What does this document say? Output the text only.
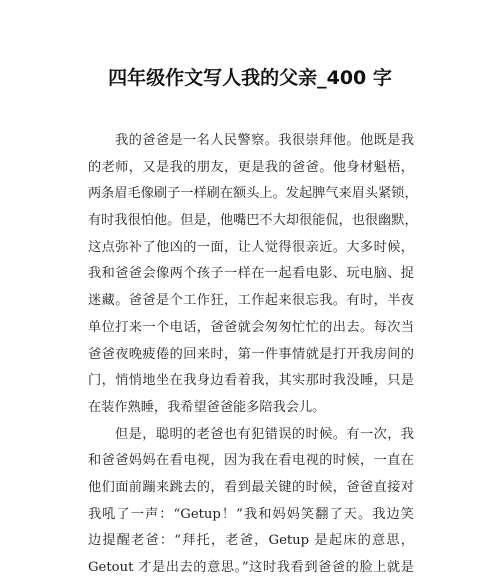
四年级作文写人我的父亲_400 字
我的爸爸是一名人民警察。我很崇拜他。他既是我
的老师，又是我的朋友，更是我的爸爸。他身材魁梧，
两条眉毛像刷子一样刷在额头上。发起脾气来眉头紧锁，
有时我很怕他。但是，他嘴巴不大却很能侃，也很幽默，
这点弥补了他凶的一面，让人觉得很亲近。大多时候，
我和爸爸会像两个孩子一样在一起看电影、玩电脑、捉
迷藏。爸爸是个工作狂，工作起来很忘我。有时，半夜
单位打来一个电话，爸爸就会匆匆忙忙的出去。每次当
爸爸夜晚疲倦的回来时，第一件事情就是打开我房间的
门，悄悄地坐在我身边看着我，其实那时我没睡，只是
在装作熟睡，我希望爸爸能多陪我会儿。
但是，聪明的老爸也有犯错误的时候。有一次，我
和爸爸妈妈在看电视，因为我在看电视的时候，一直在
他们面前蹦来跳去的，看到最关键的时候，爸爸直接对
我吼了一声：“Getup！”我和妈妈笑翻了天。我边笑
边提醒老爸：“拜托，老爸，Getup 是起床的意思，
Getout 才是出去的意思。”这时我看到爸爸的脸上就是
